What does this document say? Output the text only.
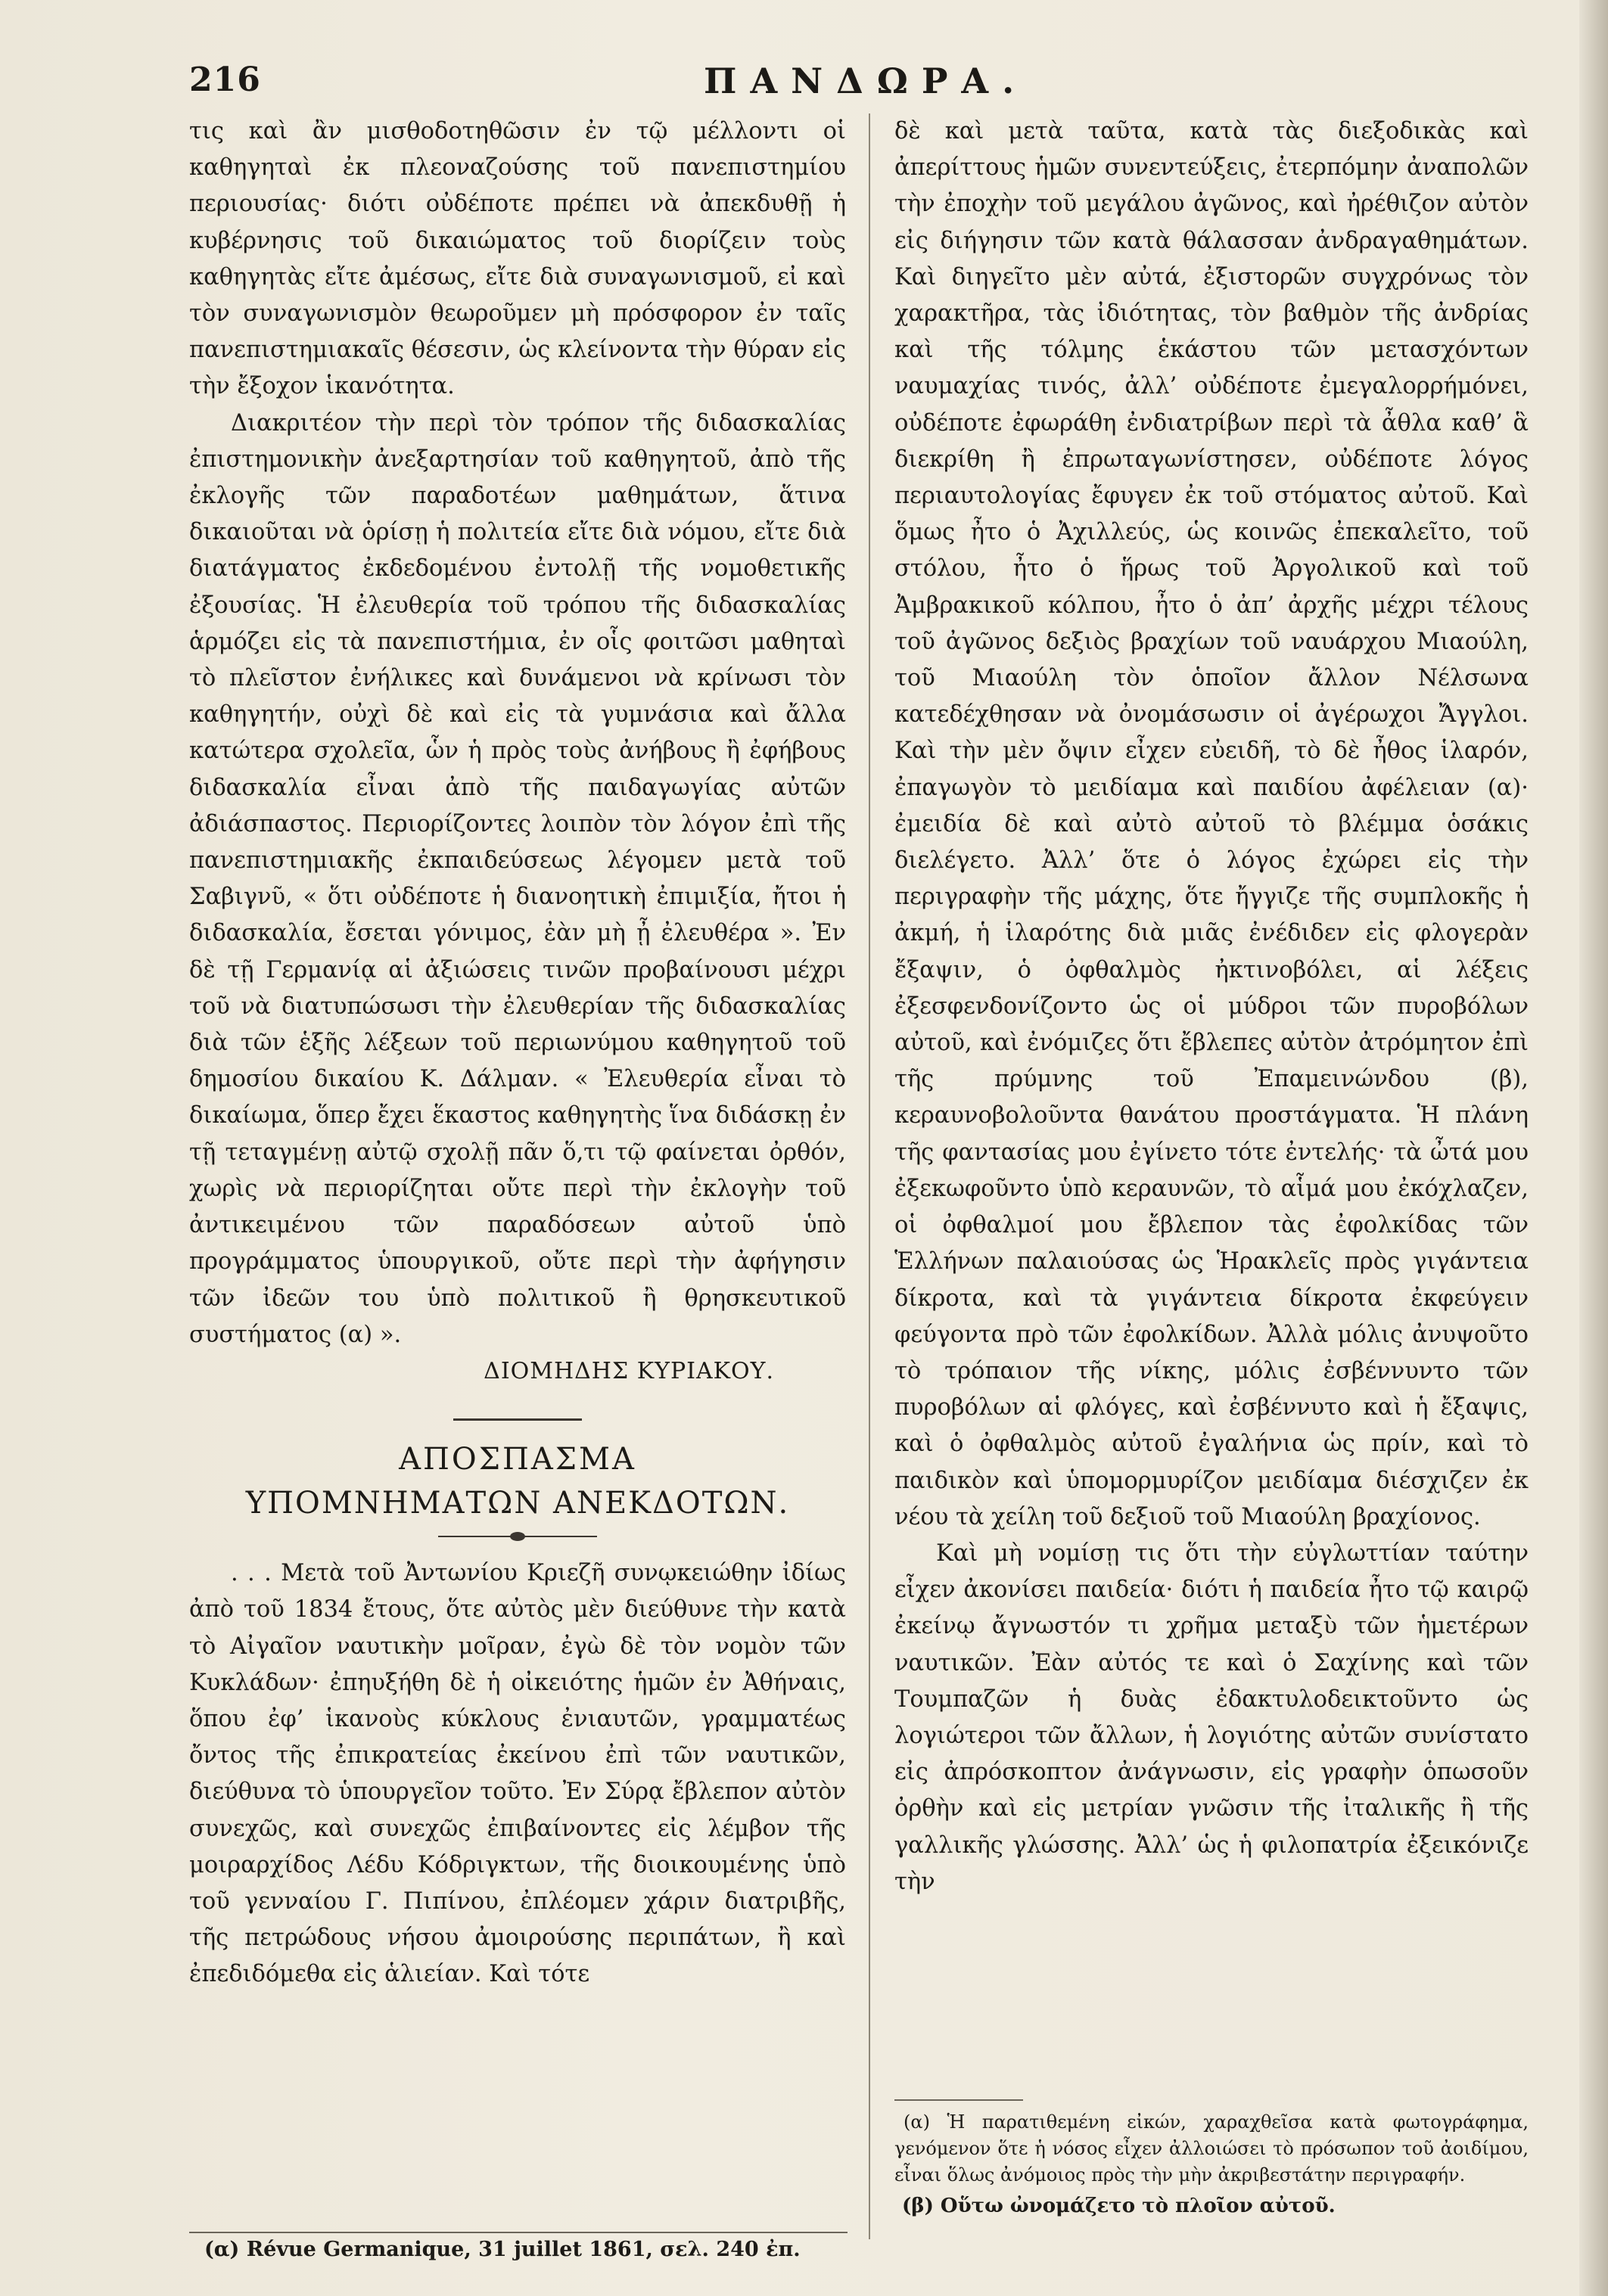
216	ΠΑΝΔΩΡΑ.

τις καὶ ἂν μισθοδοτηθῶσιν ἐν τῷ μέλλοντι οἱ καθηγηταὶ ἐκ πλεοναζούσης τοῦ πανεπιστημίου περιουσίας· διότι οὐδέποτε πρέπει νὰ ἀπεκδυθῇ ἡ κυβέρνησις τοῦ δικαιώματος τοῦ διορίζειν τοὺς καθηγητὰς εἴτε ἀμέσως, εἴτε διὰ συναγωνισμοῦ, εἰ καὶ τὸν συναγωνισμὸν θεωροῦμεν μὴ πρόσφορον ἐν ταῖς πανεπιστημιακαῖς θέσεσιν, ὡς κλείνοντα τὴν θύραν εἰς τὴν ἔξοχον ἱκανότητα.

Διακριτέον τὴν περὶ τὸν τρόπον τῆς διδασκαλίας ἐπιστημονικὴν ἀνεξαρτησίαν τοῦ καθηγητοῦ, ἀπὸ τῆς ἐκλογῆς τῶν παραδοτέων μαθημάτων, ἅτινα δικαιοῦται νὰ ὁρίσῃ ἡ πολιτεία εἴτε διὰ νόμου, εἴτε διὰ διατάγματος ἐκδεδομένου ἐντολῇ τῆς νομοθετικῆς ἐξουσίας. Ἡ ἐλευθερία τοῦ τρόπου τῆς διδασκαλίας ἁρμόζει εἰς τὰ πανεπιστήμια, ἐν οἷς φοιτῶσι μαθηταὶ τὸ πλεῖστον ἐνήλικες καὶ δυνάμενοι νὰ κρίνωσι τὸν καθηγητήν, οὐχὶ δὲ καὶ εἰς τὰ γυμνάσια καὶ ἄλλα κατώτερα σχολεῖα, ὧν ἡ πρὸς τοὺς ἀνήβους ἢ ἐφήβους διδασκαλία εἶναι ἀπὸ τῆς παιδαγωγίας αὐτῶν ἀδιάσπαστος. Περιορίζοντες λοιπὸν τὸν λόγον ἐπὶ τῆς πανεπιστημιακῆς ἐκπαιδεύσεως λέγομεν μετὰ τοῦ Σαβιγνῦ, « ὅτι οὐδέποτε ἡ διανοητικὴ ἐπιμιξία, ἤτοι ἡ διδασκαλία, ἔσεται γόνιμος, ἐὰν μὴ ᾖ ἐλευθέρα ». Ἐν δὲ τῇ Γερμανίᾳ αἱ ἀξιώσεις τινῶν προβαίνουσι μέχρι τοῦ νὰ διατυπώσωσι τὴν ἐλευθερίαν τῆς διδασκαλίας διὰ τῶν ἑξῆς λέξεων τοῦ περιωνύμου καθηγητοῦ τοῦ δημοσίου δικαίου Κ. Δάλμαν. « Ἐλευθερία εἶναι τὸ δικαίωμα, ὅπερ ἔχει ἕκαστος καθηγητὴς ἵνα διδάσκῃ ἐν τῇ τεταγμένῃ αὐτῷ σχολῇ πᾶν ὅ,τι τῷ φαίνεται ὀρθόν, χωρὶς νὰ περιορίζηται οὔτε περὶ τὴν ἐκλογὴν τοῦ ἀντικειμένου τῶν παραδόσεων αὐτοῦ ὑπὸ προγράμματος ὑπουργικοῦ, οὔτε περὶ τὴν ἀφήγησιν τῶν ἰδεῶν του ὑπὸ πολιτικοῦ ἢ θρησκευτικοῦ συστήματος (α) ».

ΔΙΟΜΗΔΗΣ ΚΥΡΙΑΚΟΥ.

ΑΠΟΣΠΑΣΜΑ
ΥΠΟΜΝΗΜΑΤΩΝ ΑΝΕΚΔΟΤΩΝ.

. . . Μετὰ τοῦ Ἀντωνίου Κριεζῆ συνῳκειώθην ἰδίως ἀπὸ τοῦ 1834 ἔτους, ὅτε αὐτὸς μὲν διεύθυνε τὴν κατὰ τὸ Αἰγαῖον ναυτικὴν μοῖραν, ἐγὼ δὲ τὸν νομὸν τῶν Κυκλάδων· ἐπηυξήθη δὲ ἡ οἰκειότης ἡμῶν ἐν Ἀθήναις, ὅπου ἐφ’ ἱκανοὺς κύκλους ἐνιαυτῶν, γραμματέως ὄντος τῆς ἐπικρατείας ἐκείνου ἐπὶ τῶν ναυτικῶν, διεύθυνα τὸ ὑπουργεῖον τοῦτο. Ἐν Σύρᾳ ἔβλεπον αὐτὸν συνεχῶς, καὶ συνεχῶς ἐπιβαίνοντες εἰς λέμβον τῆς μοιραρχίδος Λέδυ Κόδριγκτων, τῆς διοικουμένης ὑπὸ τοῦ γενναίου Γ. Πιπίνου, ἐπλέομεν χάριν διατριβῆς, τῆς πετρώδους νήσου ἀμοιρούσης περιπάτων, ἢ καὶ ἐπεδιδόμεθα εἰς ἁλιείαν. Καὶ τότε

δὲ καὶ μετὰ ταῦτα, κατὰ τὰς διεξοδικὰς καὶ ἀπερίττους ἡμῶν συνεντεύξεις, ἐτερπόμην ἀναπολῶν τὴν ἐποχὴν τοῦ μεγάλου ἀγῶνος, καὶ ἠρέθιζον αὐτὸν εἰς διήγησιν τῶν κατὰ θάλασσαν ἀνδραγαθημάτων. Καὶ διηγεῖτο μὲν αὐτά, ἐξιστορῶν συγχρόνως τὸν χαρακτῆρα, τὰς ἰδιότητας, τὸν βαθμὸν τῆς ἀνδρίας καὶ τῆς τόλμης ἑκάστου τῶν μετασχόντων ναυμαχίας τινός, ἀλλ’ οὐδέποτε ἐμεγαλορρήμόνει, οὐδέποτε ἐφωράθη ἐνδιατρίβων περὶ τὰ ἆθλα καθ’ ἃ διεκρίθη ἢ ἐπρωταγωνίστησεν, οὐδέποτε λόγος περιαυτολογίας ἔφυγεν ἐκ τοῦ στόματος αὐτοῦ. Καὶ ὅμως ἦτο ὁ Ἀχιλλεύς, ὡς κοινῶς ἐπεκαλεῖτο, τοῦ στόλου, ἦτο ὁ ἥρως τοῦ Ἀργολικοῦ καὶ τοῦ Ἀμβρακικοῦ κόλπου, ἦτο ὁ ἀπ’ ἀρχῆς μέχρι τέλους τοῦ ἀγῶνος δεξιὸς βραχίων τοῦ ναυάρχου Μιαούλη, τοῦ Μιαούλη τὸν ὁποῖον ἄλλον Νέλσωνα κατεδέχθησαν νὰ ὀνομάσωσιν οἱ ἀγέρωχοι Ἄγγλοι. Καὶ τὴν μὲν ὄψιν εἶχεν εὐειδῆ, τὸ δὲ ἦθος ἱλαρόν, ἐπαγωγὸν τὸ μειδίαμα καὶ παιδίου ἀφέλειαν (α)· ἐμειδία δὲ καὶ αὐτὸ αὐτοῦ τὸ βλέμμα ὁσάκις διελέγετο. Ἀλλ’ ὅτε ὁ λόγος ἐχώρει εἰς τὴν περιγραφὴν τῆς μάχης, ὅτε ἤγγιζε τῆς συμπλοκῆς ἡ ἀκμή, ἡ ἱλαρότης διὰ μιᾶς ἐνέδιδεν εἰς φλογερὰν ἔξαψιν, ὁ ὀφθαλμὸς ἠκτινοβόλει, αἱ λέξεις ἐξεσφενδονίζοντο ὡς οἱ μύδροι τῶν πυροβόλων αὐτοῦ, καὶ ἐνόμιζες ὅτι ἔβλεπες αὐτὸν ἀτρόμητον ἐπὶ τῆς πρύμνης τοῦ Ἐπαμεινώνδου (β), κεραυνοβολοῦντα θανάτου προστάγματα. Ἡ πλάνη τῆς φαντασίας μου ἐγίνετο τότε ἐντελής· τὰ ὦτά μου ἐξεκωφοῦντο ὑπὸ κεραυνῶν, τὸ αἷμά μου ἐκόχλαζεν, οἱ ὀφθαλμοί μου ἔβλεπον τὰς ἐφολκίδας τῶν Ἑλλήνων παλαιούσας ὡς Ἡρακλεῖς πρὸς γιγάντεια δίκροτα, καὶ τὰ γιγάντεια δίκροτα ἐκφεύγειν φεύγοντα πρὸ τῶν ἐφολκίδων. Ἀλλὰ μόλις ἀνυψοῦτο τὸ τρόπαιον τῆς νίκης, μόλις ἐσβέννυντο τῶν πυροβόλων αἱ φλόγες, καὶ ἐσβέννυτο καὶ ἡ ἔξαψις, καὶ ὁ ὀφθαλμὸς αὐτοῦ ἐγαλήνια ὡς πρίν, καὶ τὸ παιδικὸν καὶ ὑπομορμυρίζον μειδίαμα διέσχιζεν ἐκ νέου τὰ χείλη τοῦ δεξιοῦ τοῦ Μιαούλη βραχίονος.

Καὶ μὴ νομίσῃ τις ὅτι τὴν εὐγλωττίαν ταύτην εἶχεν ἀκονίσει παιδεία· διότι ἡ παιδεία ἦτο τῷ καιρῷ ἐκείνῳ ἄγνωστόν τι χρῆμα μεταξὺ τῶν ἡμετέρων ναυτικῶν. Ἐὰν αὐτός τε καὶ ὁ Σαχίνης καὶ τῶν Τουμπαζῶν ἡ δυὰς ἐδακτυλοδεικτοῦντο ὡς λογιώτεροι τῶν ἄλλων, ἡ λογιότης αὐτῶν συνίστατο εἰς ἀπρόσκοπτον ἀνάγνωσιν, εἰς γραφὴν ὁπωσοῦν ὀρθὴν καὶ εἰς μετρίαν γνῶσιν τῆς ἰταλικῆς ἢ τῆς γαλλικῆς γλώσσης. Ἀλλ’ ὡς ἡ φιλοπατρία ἐξεικόνιζε τὴν

(α) Ἡ παρατιθεμένη εἰκών, χαραχθεῖσα κατὰ φωτογράφημα, γενόμενον ὅτε ἡ νόσος εἶχεν ἀλλοιώσει τὸ πρόσωπον τοῦ ἀοιδίμου, εἶναι ὅλως ἀνόμοιος πρὸς τὴν μὴν ἀκριβεστάτην περιγραφήν.

(β) Οὕτω ὠνομάζετο τὸ πλοῖον αὐτοῦ.

(α) Révue Germanique, 31 juillet 1861, σελ. 240 ἐπ.
